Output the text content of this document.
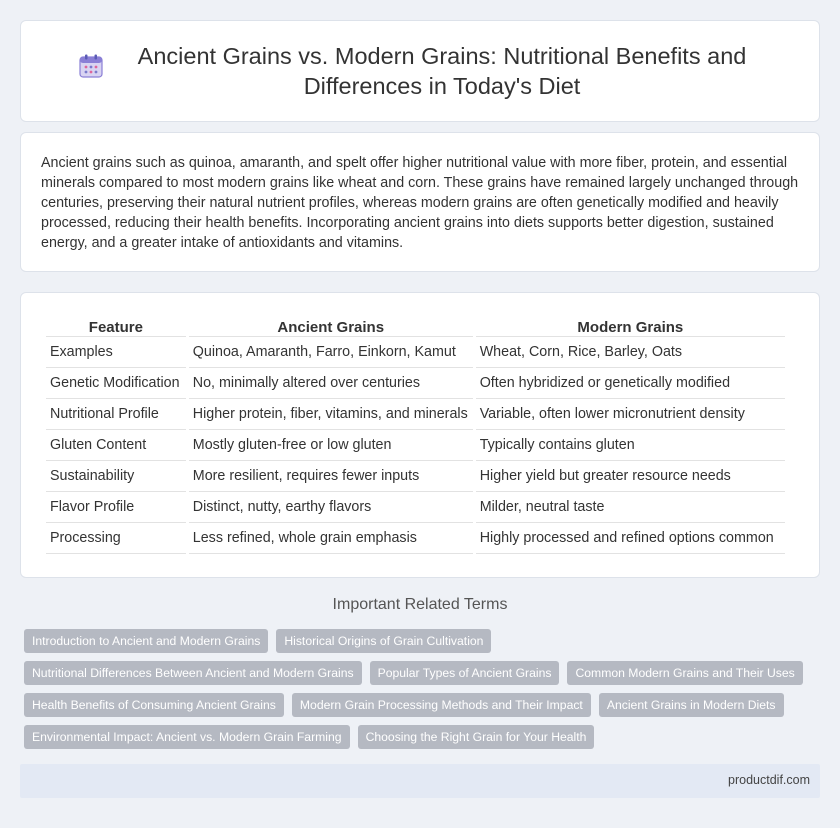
Ancient Grains vs. Modern Grains: Nutritional Benefits and Differences in Today's Diet

Ancient grains such as quinoa, amaranth, and spelt offer higher nutritional value with more fiber, protein, and essential minerals compared to most modern grains like wheat and corn. These grains have remained largely unchanged through centuries, preserving their natural nutrient profiles, whereas modern grains are often genetically modified and heavily processed, reducing their health benefits. Incorporating ancient grains into diets supports better digestion, sustained energy, and a greater intake of antioxidants and vitamins.

Feature	Ancient Grains	Modern Grains
Examples	Quinoa, Amaranth, Farro, Einkorn, Kamut	Wheat, Corn, Rice, Barley, Oats
Genetic Modification	No, minimally altered over centuries	Often hybridized or genetically modified
Nutritional Profile	Higher protein, fiber, vitamins, and minerals	Variable, often lower micronutrient density
Gluten Content	Mostly gluten-free or low gluten	Typically contains gluten
Sustainability	More resilient, requires fewer inputs	Higher yield but greater resource needs
Flavor Profile	Distinct, nutty, earthy flavors	Milder, neutral taste
Processing	Less refined, whole grain emphasis	Highly processed and refined options common
Important Related Terms
Introduction to Ancient and Modern Grains	Historical Origins of Grain Cultivation
Nutritional Differences Between Ancient and Modern Grains	Popular Types of Ancient Grains	Common Modern Grains and Their Uses
Health Benefits of Consuming Ancient Grains	Modern Grain Processing Methods and Their Impact	Ancient Grains in Modern Diets
Environmental Impact: Ancient vs. Modern Grain Farming	Choosing the Right Grain for Your Health
productdif.com
